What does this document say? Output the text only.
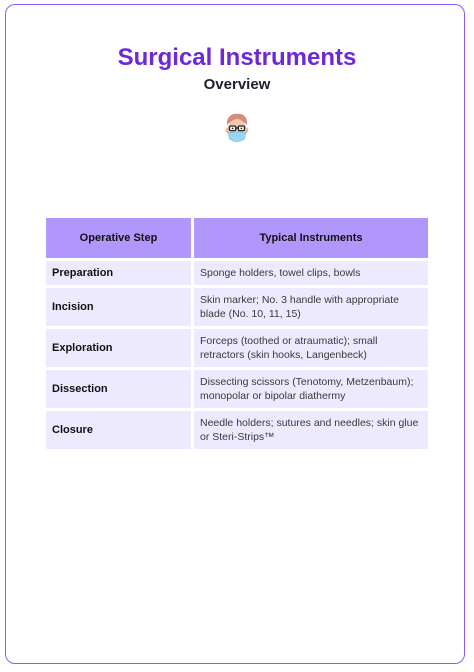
Surgical Instruments
Overview
Operative Step	Typical Instruments
Preparation	Sponge holders, towel clips, bowls
Incision
Skin marker; No. 3 handle with appropriate blade (No. 10, 11, 15)
Exploration
Forceps (toothed or atraumatic); small retractors (skin hooks, Langenbeck)
Dissection
Dissecting scissors (Tenotomy, Metzenbaum); monopolar or bipolar diathermy
Closure
Needle holders; sutures and needles; skin glue or Steri-Strips™
